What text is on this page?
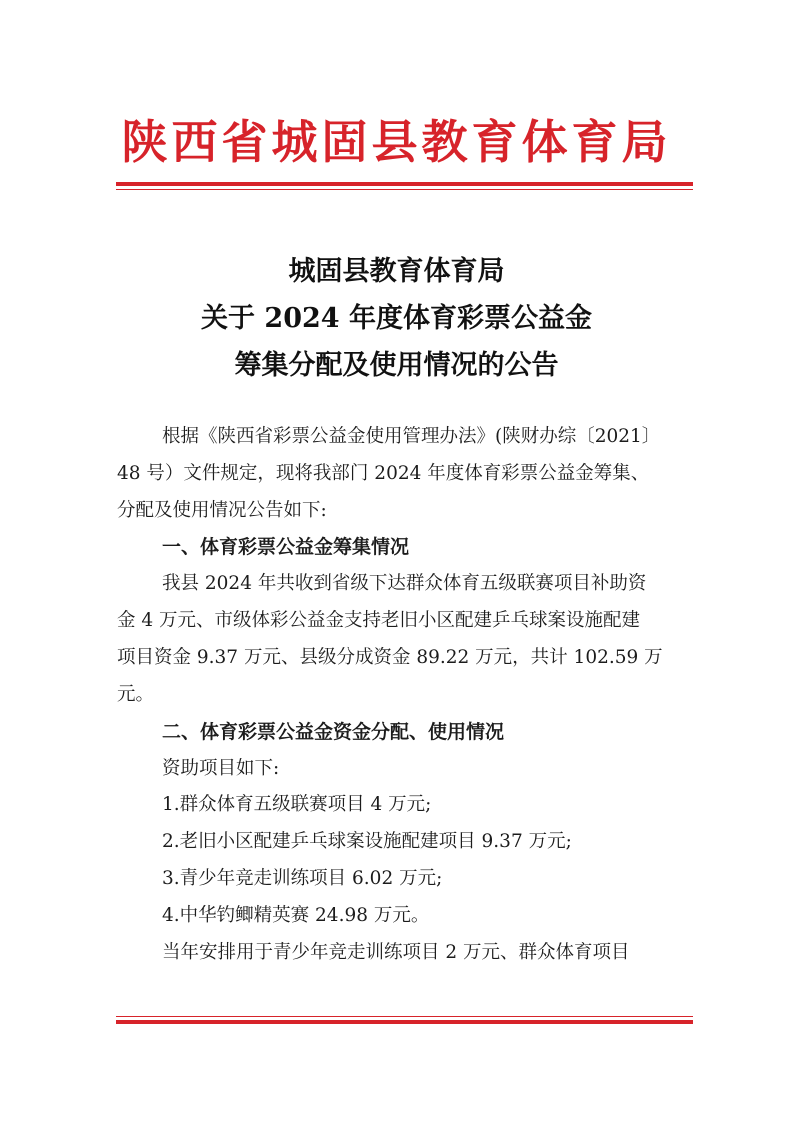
陕西省城固县教育体育局
城固县教育体育局
关于 2024 年度体育彩票公益金
筹集分配及使用情况的公告
根据《陕西省彩票公益金使用管理办法》(陕财办综〔2021〕
48 号）文件规定，现将我部门 2024 年度体育彩票公益金筹集、
分配及使用情况公告如下:
一、体育彩票公益金筹集情况
我县 2024 年共收到省级下达群众体育五级联赛项目补助资
金 4 万元、市级体彩公益金支持老旧小区配建乒乓球案设施配建
项目资金 9.37 万元、县级分成资金 89.22 万元，共计 102.59 万
元。
二、体育彩票公益金资金分配、使用情况
资助项目如下:
1.群众体育五级联赛项目 4 万元;
2.老旧小区配建乒乓球案设施配建项目 9.37 万元;
3.青少年竞走训练项目 6.02 万元;
4.中华钓鲫精英赛 24.98 万元。
当年安排用于青少年竞走训练项目 2 万元、群众体育项目
